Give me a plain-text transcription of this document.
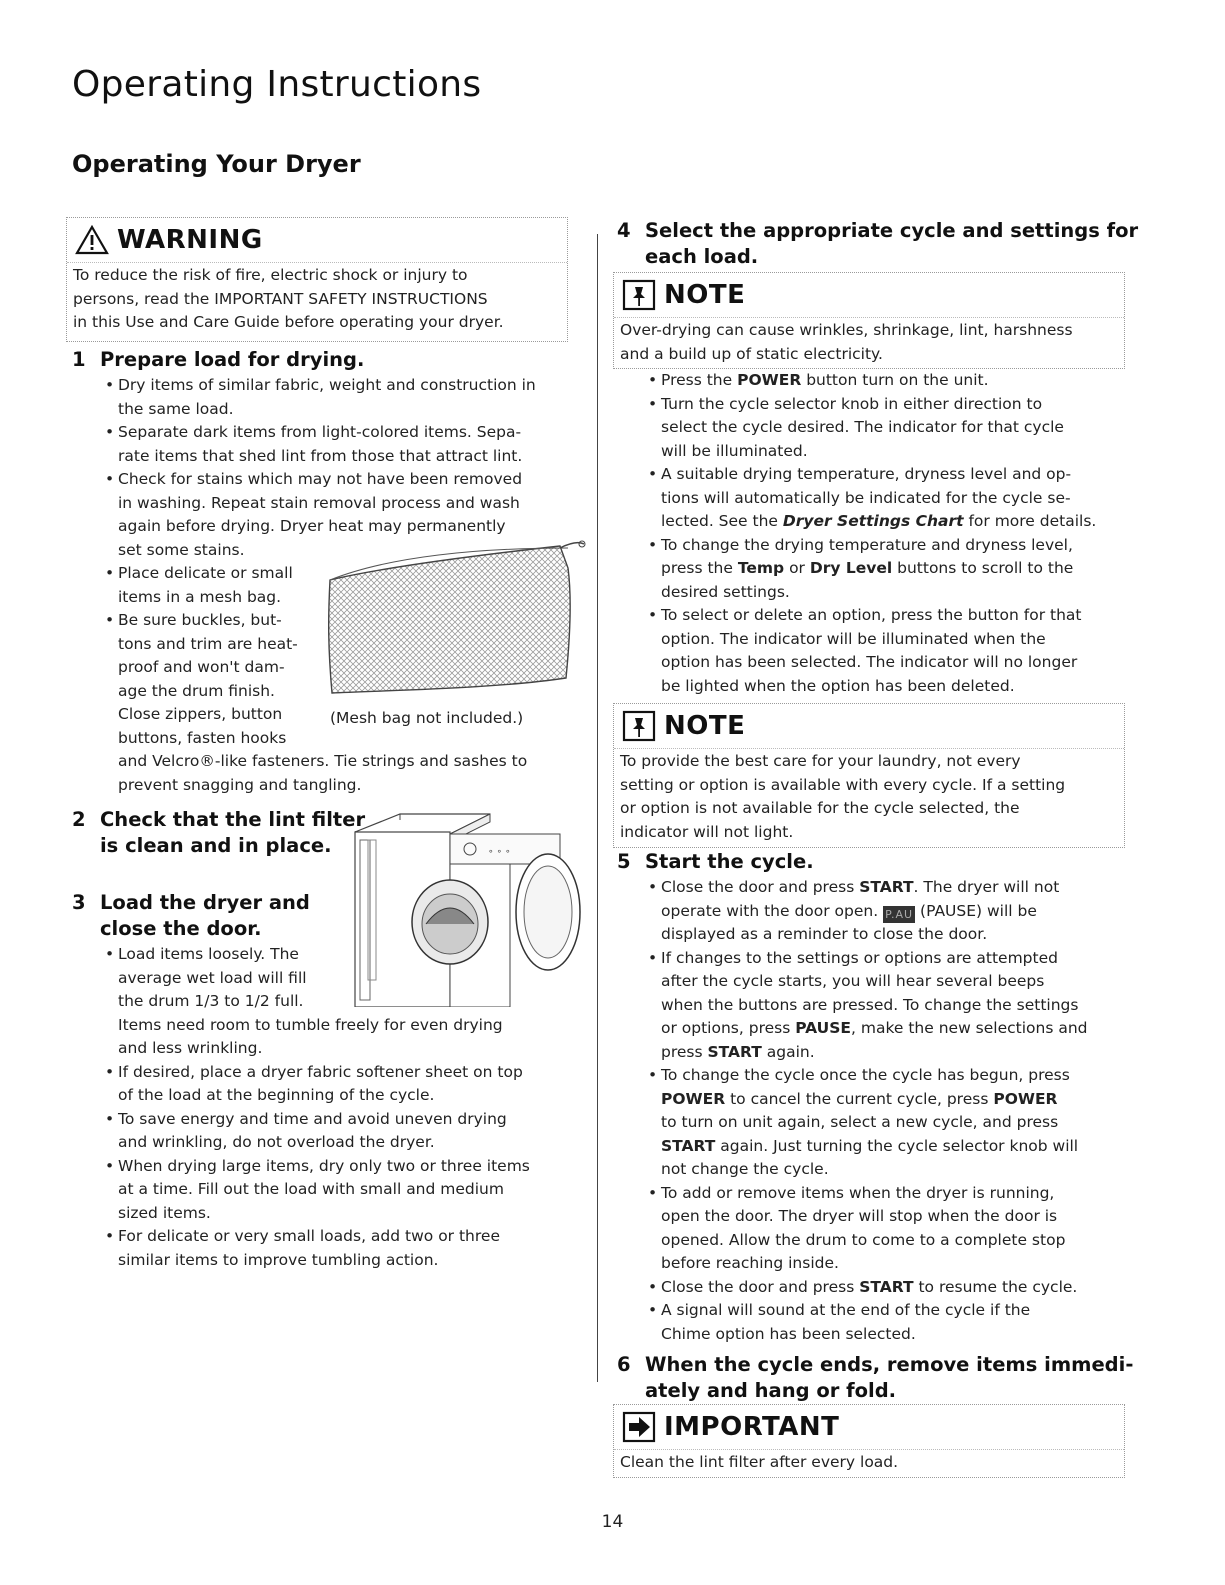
Operating Instructions
Operating Your Dryer
WARNING
To reduce the risk of fire, electric shock or injury to
persons, read the IMPORTANT SAFETY INSTRUCTIONS
in this Use and Care Guide before operating your dryer.
1 Prepare load for drying.
• Dry items of similar fabric, weight and construction in
the same load.
• Separate dark items from light-colored items. Sepa-
rate items that shed lint from those that attract lint.
• Check for stains which may not have been removed
in washing. Repeat stain removal process and wash
again before drying. Dryer heat may permanently
set some stains.
• Place delicate or small
items in a mesh bag.
• Be sure buckles, but-
tons and trim are heat-
proof and won't dam-
age the drum finish.
Close zippers, button
buttons, fasten hooks
and Velcro®-like fasteners. Tie strings and sashes to
prevent snagging and tangling.
(Mesh bag not included.)
2 Check that the lint filter
is clean and in place.	∘ ∘ ∘
3 Load the dryer and
close the door.
• Load items loosely. The
average wet load will fill
the drum 1/3 to 1/2 full.
Items need room to tumble freely for even drying
and less wrinkling.
• If desired, place a dryer fabric softener sheet on top
of the load at the beginning of the cycle.
• To save energy and time and avoid uneven drying
and wrinkling, do not overload the dryer.
• When drying large items, dry only two or three items
at a time. Fill out the load with small and medium
sized items.
• For delicate or very small loads, add two or three
similar items to improve tumbling action.
4 Select the appropriate cycle and settings for
each load.
NOTE
Over-drying can cause wrinkles, shrinkage, lint, harshness
and a build up of static electricity.
• Press the POWER button turn on the unit.
• Turn the cycle selector knob in either direction to
select the cycle desired. The indicator for that cycle
will be illuminated.
• A suitable drying temperature, dryness level and op-
tions will automatically be indicated for the cycle se-
lected. See the Dryer Settings Chart for more details.
• To change the drying temperature and dryness level,
press the Temp or Dry Level buttons to scroll to the
desired settings.
• To select or delete an option, press the button for that
option. The indicator will be illuminated when the
option has been selected. The indicator will no longer
be lighted when the option has been deleted.
NOTE
To provide the best care for your laundry, not every
setting or option is available with every cycle. If a setting
or option is not available for the cycle selected, the
indicator will not light.
5 Start the cycle.
• Close the door and press START. The dryer will not
operate with the door open. P.AU (PAUSE) will be
displayed as a reminder to close the door.
• If changes to the settings or options are attempted
after the cycle starts, you will hear several beeps
when the buttons are pressed. To change the settings
or options, press PAUSE, make the new selections and
press START again.
• To change the cycle once the cycle has begun, press
POWER to cancel the current cycle, press POWER
to turn on unit again, select a new cycle, and press
START again. Just turning the cycle selector knob will
not change the cycle.
• To add or remove items when the dryer is running,
open the door. The dryer will stop when the door is
opened. Allow the drum to come to a complete stop
before reaching inside.
• Close the door and press START to resume the cycle.
• A signal will sound at the end of the cycle if the
Chime option has been selected.
6 When the cycle ends, remove items immedi-
ately and hang or fold.
IMPORTANT
Clean the lint filter after every load.
14
